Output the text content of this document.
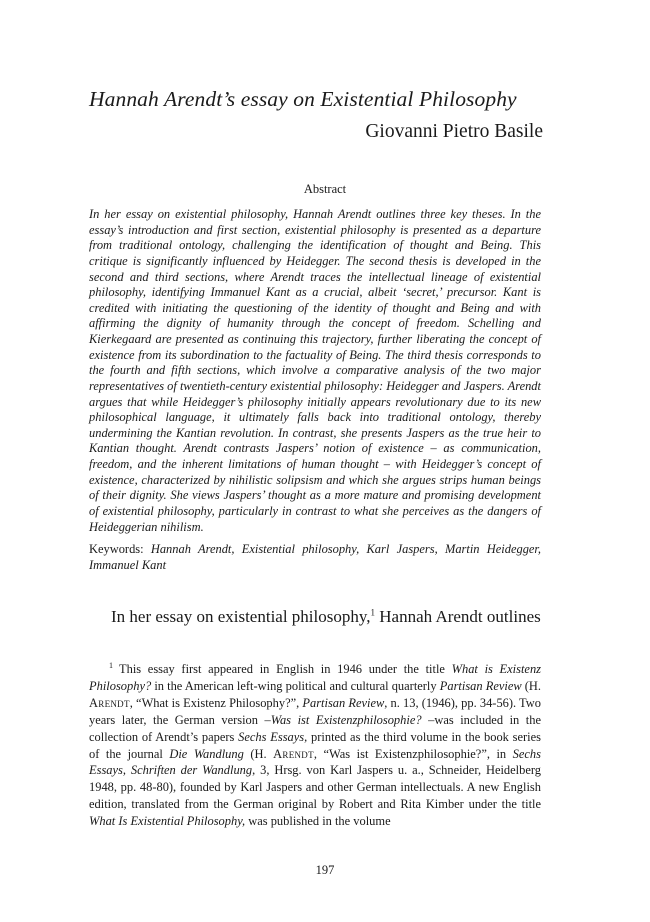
Hannah Arendt’s essay on Existential Philosophy
Giovanni Pietro Basile
Abstract
In her essay on existential philosophy, Hannah Arendt outlines three key theses. In the essay’s introduction and first section, existential philosophy is presented as a departure from traditional ontology, challenging the identification of thought and Being. This critique is significantly influenced by Heidegger. The second thesis is developed in the second and third sections, where Arendt traces the intellectual lineage of existential philosophy, identifying Immanuel Kant as a crucial, albeit ‘secret,’ precursor. Kant is credited with initiating the questioning of the identity of thought and Being and with affirming the dignity of humanity through the concept of freedom. Schelling and Kierkegaard are presented as continuing this trajectory, further liberating the concept of existence from its subordination to the factuality of Being. The third thesis corresponds to the fourth and fifth sections, which involve a comparative analysis of the two major representatives of twentieth-century existential philosophy: Heidegger and Jaspers. Arendt argues that while Heidegger’s philosophy initially appears revolutionary due to its new philosophical language, it ultimately falls back into traditional ontology, thereby undermining the Kantian revolution. In contrast, she presents Jaspers as the true heir to Kantian thought. Arendt contrasts Jaspers’ notion of existence – as communication, freedom, and the inherent limitations of human thought – with Heidegger’s concept of existence, characterized by nihilistic solipsism and which she argues strips human beings of their dignity. She views Jaspers’ thought as a more mature and promising development of existential philosophy, particularly in contrast to what she perceives as the dangers of Heideggerian nihilism.
Keywords: Hannah Arendt, Existential philosophy, Karl Jaspers, Martin Heidegger, Immanuel Kant
In her essay on existential philosophy,$^1$ Hannah Arendt outlines
$^1$ This essay first appeared in English in 1946 under the title What is Existenz Philosophy? in the American left-wing political and cultural quarterly Partisan Review (H. Arendt, “What is Existenz Philosophy?”, Partisan Review, n. 13, (1946), pp. 34-56). Two years later, the German version –Was ist Existenzphilosophie? –was included in the collection of Arendt’s papers Sechs Essays, printed as the third volume in the book series of the journal Die Wandlung (H. Arendt, “Was ist Existenzphilosophie?”, in Sechs Essays, Schriften der Wandlung, 3, Hrsg. von Karl Jaspers u. a., Schneider, Heidelberg 1948, pp. 48-80), founded by Karl Jaspers and other German intellectuals. A new English edition, translated from the German original by Robert and Rita Kimber under the title What Is Existential Philosophy, was published in the volume
197
